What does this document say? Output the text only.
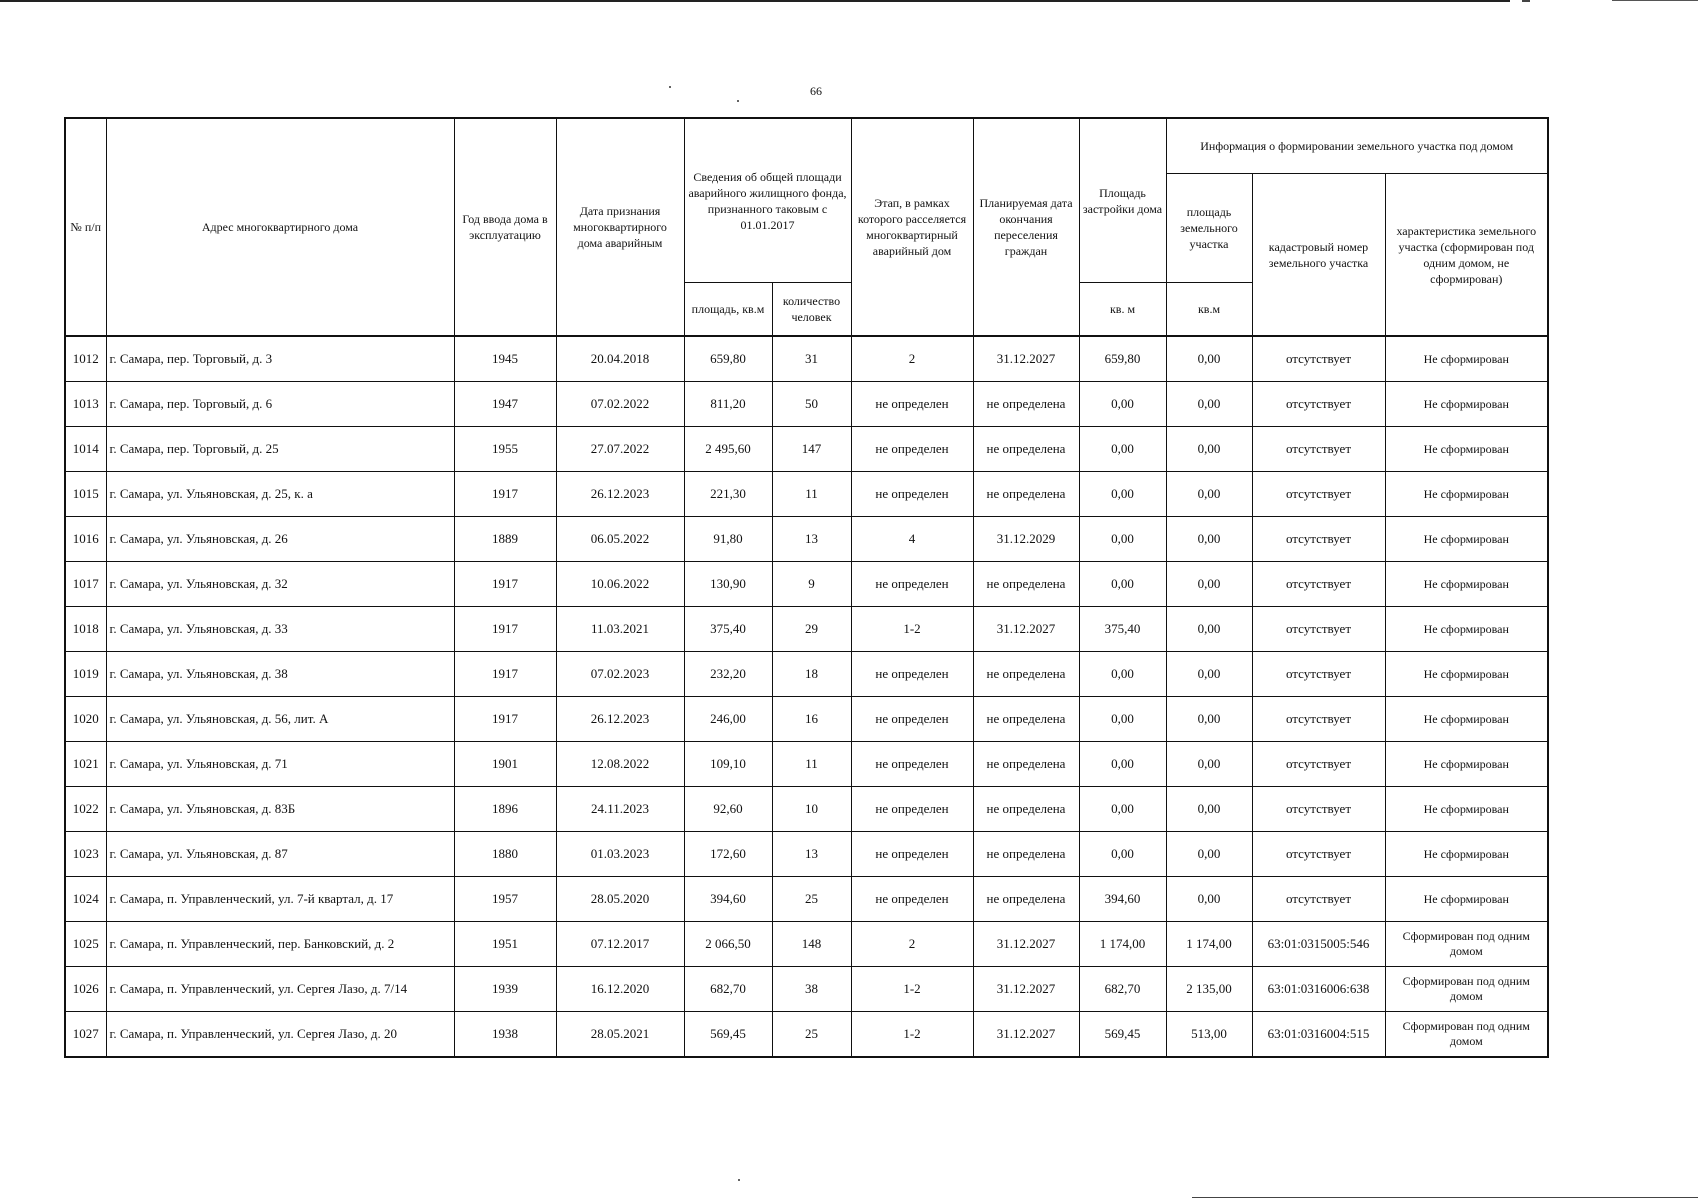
66
№ п/п	Адрес многоквартирного дома	Год ввода дома в эксплуатацию	Дата признания многоквартирного дома аварийным	Сведения об общей площади аварийного жилищного фонда, признанного таковым с 01.01.2017		Этап, в рамках которого расселяется многоквартирный аварийный дом	Планируемая дата окончания переселения граждан	Площадь застройки дома	Информация о формировании земельного участка под домом		
									площадь земельного участка	кадастровый номер земельного участка	характеристика земельного участка (сформирован под одним домом, не сформирован)
				площадь, кв.м	количество человек			кв. м	кв.м		
1012	г. Самара, пер. Торговый, д. 3	1945	20.04.2018	659,80	31	2	31.12.2027	659,80	0,00	отсутствует	Не сформирован
1013	г. Самара, пер. Торговый, д. 6	1947	07.02.2022	811,20	50	не определен	не определена	0,00	0,00	отсутствует	Не сформирован
1014	г. Самара, пер. Торговый, д. 25	1955	27.07.2022	2 495,60	147	не определен	не определена	0,00	0,00	отсутствует	Не сформирован
1015	г. Самара, ул. Ульяновская, д. 25, к. а	1917	26.12.2023	221,30	11	не определен	не определена	0,00	0,00	отсутствует	Не сформирован
1016	г. Самара, ул. Ульяновская, д. 26	1889	06.05.2022	91,80	13	4	31.12.2029	0,00	0,00	отсутствует	Не сформирован
1017	г. Самара, ул. Ульяновская, д. 32	1917	10.06.2022	130,90	9	не определен	не определена	0,00	0,00	отсутствует	Не сформирован
1018	г. Самара, ул. Ульяновская, д. 33	1917	11.03.2021	375,40	29	1-2	31.12.2027	375,40	0,00	отсутствует	Не сформирован
1019	г. Самара, ул. Ульяновская, д. 38	1917	07.02.2023	232,20	18	не определен	не определена	0,00	0,00	отсутствует	Не сформирован
1020	г. Самара, ул. Ульяновская, д. 56, лит. А	1917	26.12.2023	246,00	16	не определен	не определена	0,00	0,00	отсутствует	Не сформирован
1021	г. Самара, ул. Ульяновская, д. 71	1901	12.08.2022	109,10	11	не определен	не определена	0,00	0,00	отсутствует	Не сформирован
1022	г. Самара, ул. Ульяновская, д. 83Б	1896	24.11.2023	92,60	10	не определен	не определена	0,00	0,00	отсутствует	Не сформирован
1023	г. Самара, ул. Ульяновская, д. 87	1880	01.03.2023	172,60	13	не определен	не определена	0,00	0,00	отсутствует	Не сформирован
1024	г. Самара, п. Управленческий, ул. 7-й квартал, д. 17	1957	28.05.2020	394,60	25	не определен	не определена	394,60	0,00	отсутствует	Не сформирован
1025	г. Самара, п. Управленческий, пер. Банковский, д. 2	1951	07.12.2017	2 066,50	148	2	31.12.2027	1 174,00	1 174,00	63:01:0315005:546	Сформирован под одним домом
1026	г. Самара, п. Управленческий, ул. Сергея Лазо, д. 7/14	1939	16.12.2020	682,70	38	1-2	31.12.2027	682,70	2 135,00	63:01:0316006:638	Сформирован под одним домом
1027	г. Самара, п. Управленческий, ул. Сергея Лазо, д. 20	1938	28.05.2021	569,45	25	1-2	31.12.2027	569,45	513,00	63:01:0316004:515	Сформирован под одним домом
